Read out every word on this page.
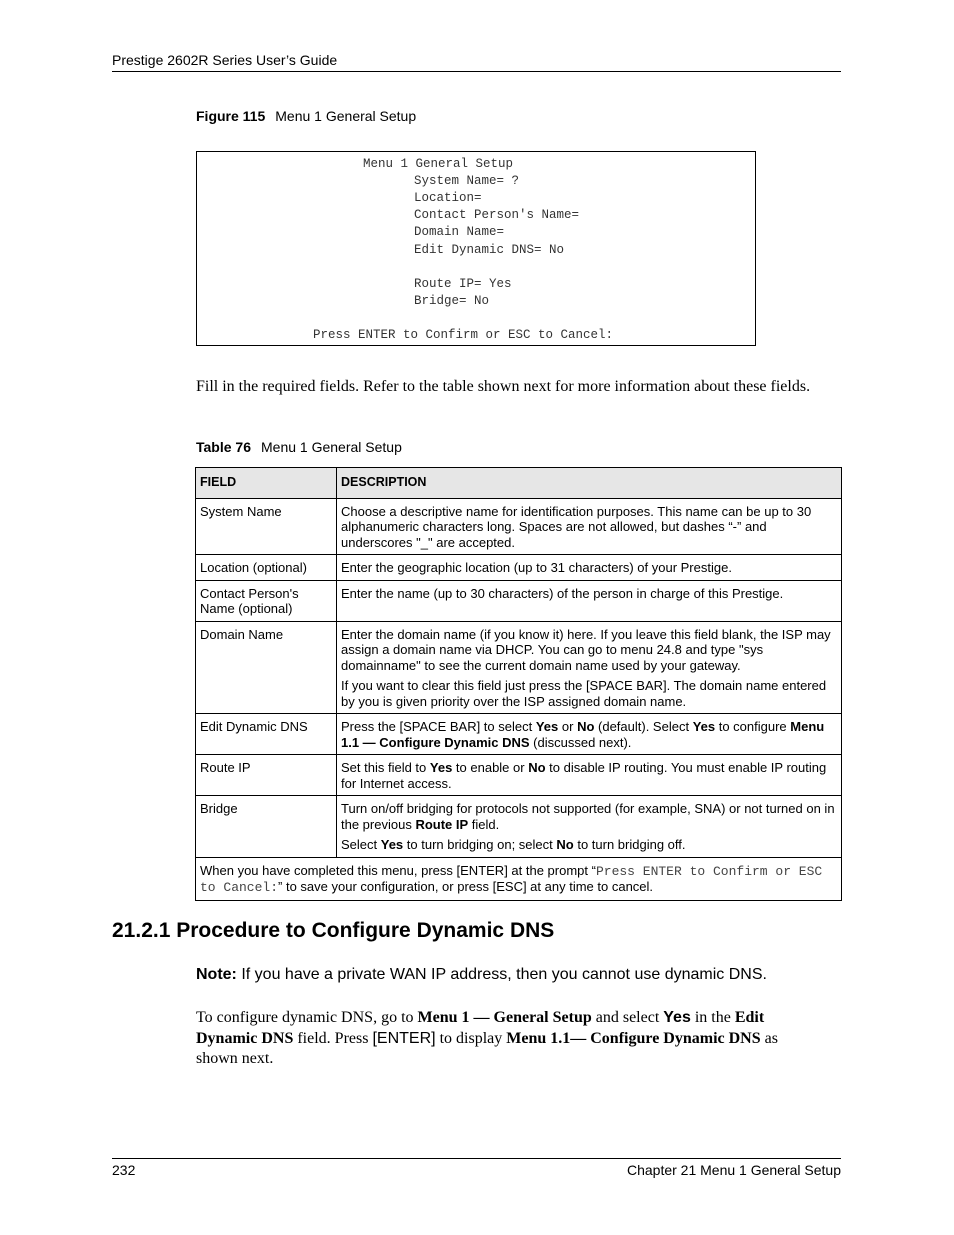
Prestige 2602R Series User’s Guide
Figure 115 Menu 1 General Setup
Menu 1 General Setup
System Name= ?
Location=
Contact Person's Name=
Domain Name=
Edit Dynamic DNS= No
Route IP= Yes
Bridge= No
Press ENTER to Confirm or ESC to Cancel:
Fill in the required fields. Refer to the table shown next for more information about these fields.
Table 76 Menu 1 General Setup
FIELD	DESCRIPTION
System Name	Choose a descriptive name for identification purposes. This name can be up to 30 alphanumeric characters long. Spaces are not allowed, but dashes “-” and underscores "_" are accepted.
Location (optional)	Enter the geographic location (up to 31 characters) of your Prestige.
Contact Person's Name (optional)	Enter the name (up to 30 characters) of the person in charge of this Prestige.
Domain Name	Enter the domain name (if you know it) here. If you leave this field blank, the ISP may assign a domain name via DHCP. You can go to menu 24.8 and type "sys domainname" to see the current domain name used by your gateway.
If you want to clear this field just press the [SPACE BAR]. The domain name entered by you is given priority over the ISP assigned domain name.

Edit Dynamic DNS	Press the [SPACE BAR] to select Yes or No (default). Select Yes to configure Menu 1.1 — Configure Dynamic DNS (discussed next).
Route IP	Set this field to Yes to enable or No to disable IP routing. You must enable IP routing for Internet access.
Bridge	Turn on/off bridging for protocols not supported (for example, SNA) or not turned on in the previous Route IP field.
Select Yes to turn bridging on; select No to turn bridging off.

When you have completed this menu, press [ENTER] at the prompt “Press ENTER to Confirm or ESC to Cancel:” to save your configuration, or press [ESC] at any time to cancel.	
21.2.1 Procedure to Configure Dynamic DNS
Note: If you have a private WAN IP address, then you cannot use dynamic DNS.
To configure dynamic DNS, go to Menu 1 — General Setup and select Yes in the Edit Dynamic DNS field. Press [ENTER] to display Menu 1.1— Configure Dynamic DNS as shown next.
232	Chapter 21 Menu 1 General Setup
